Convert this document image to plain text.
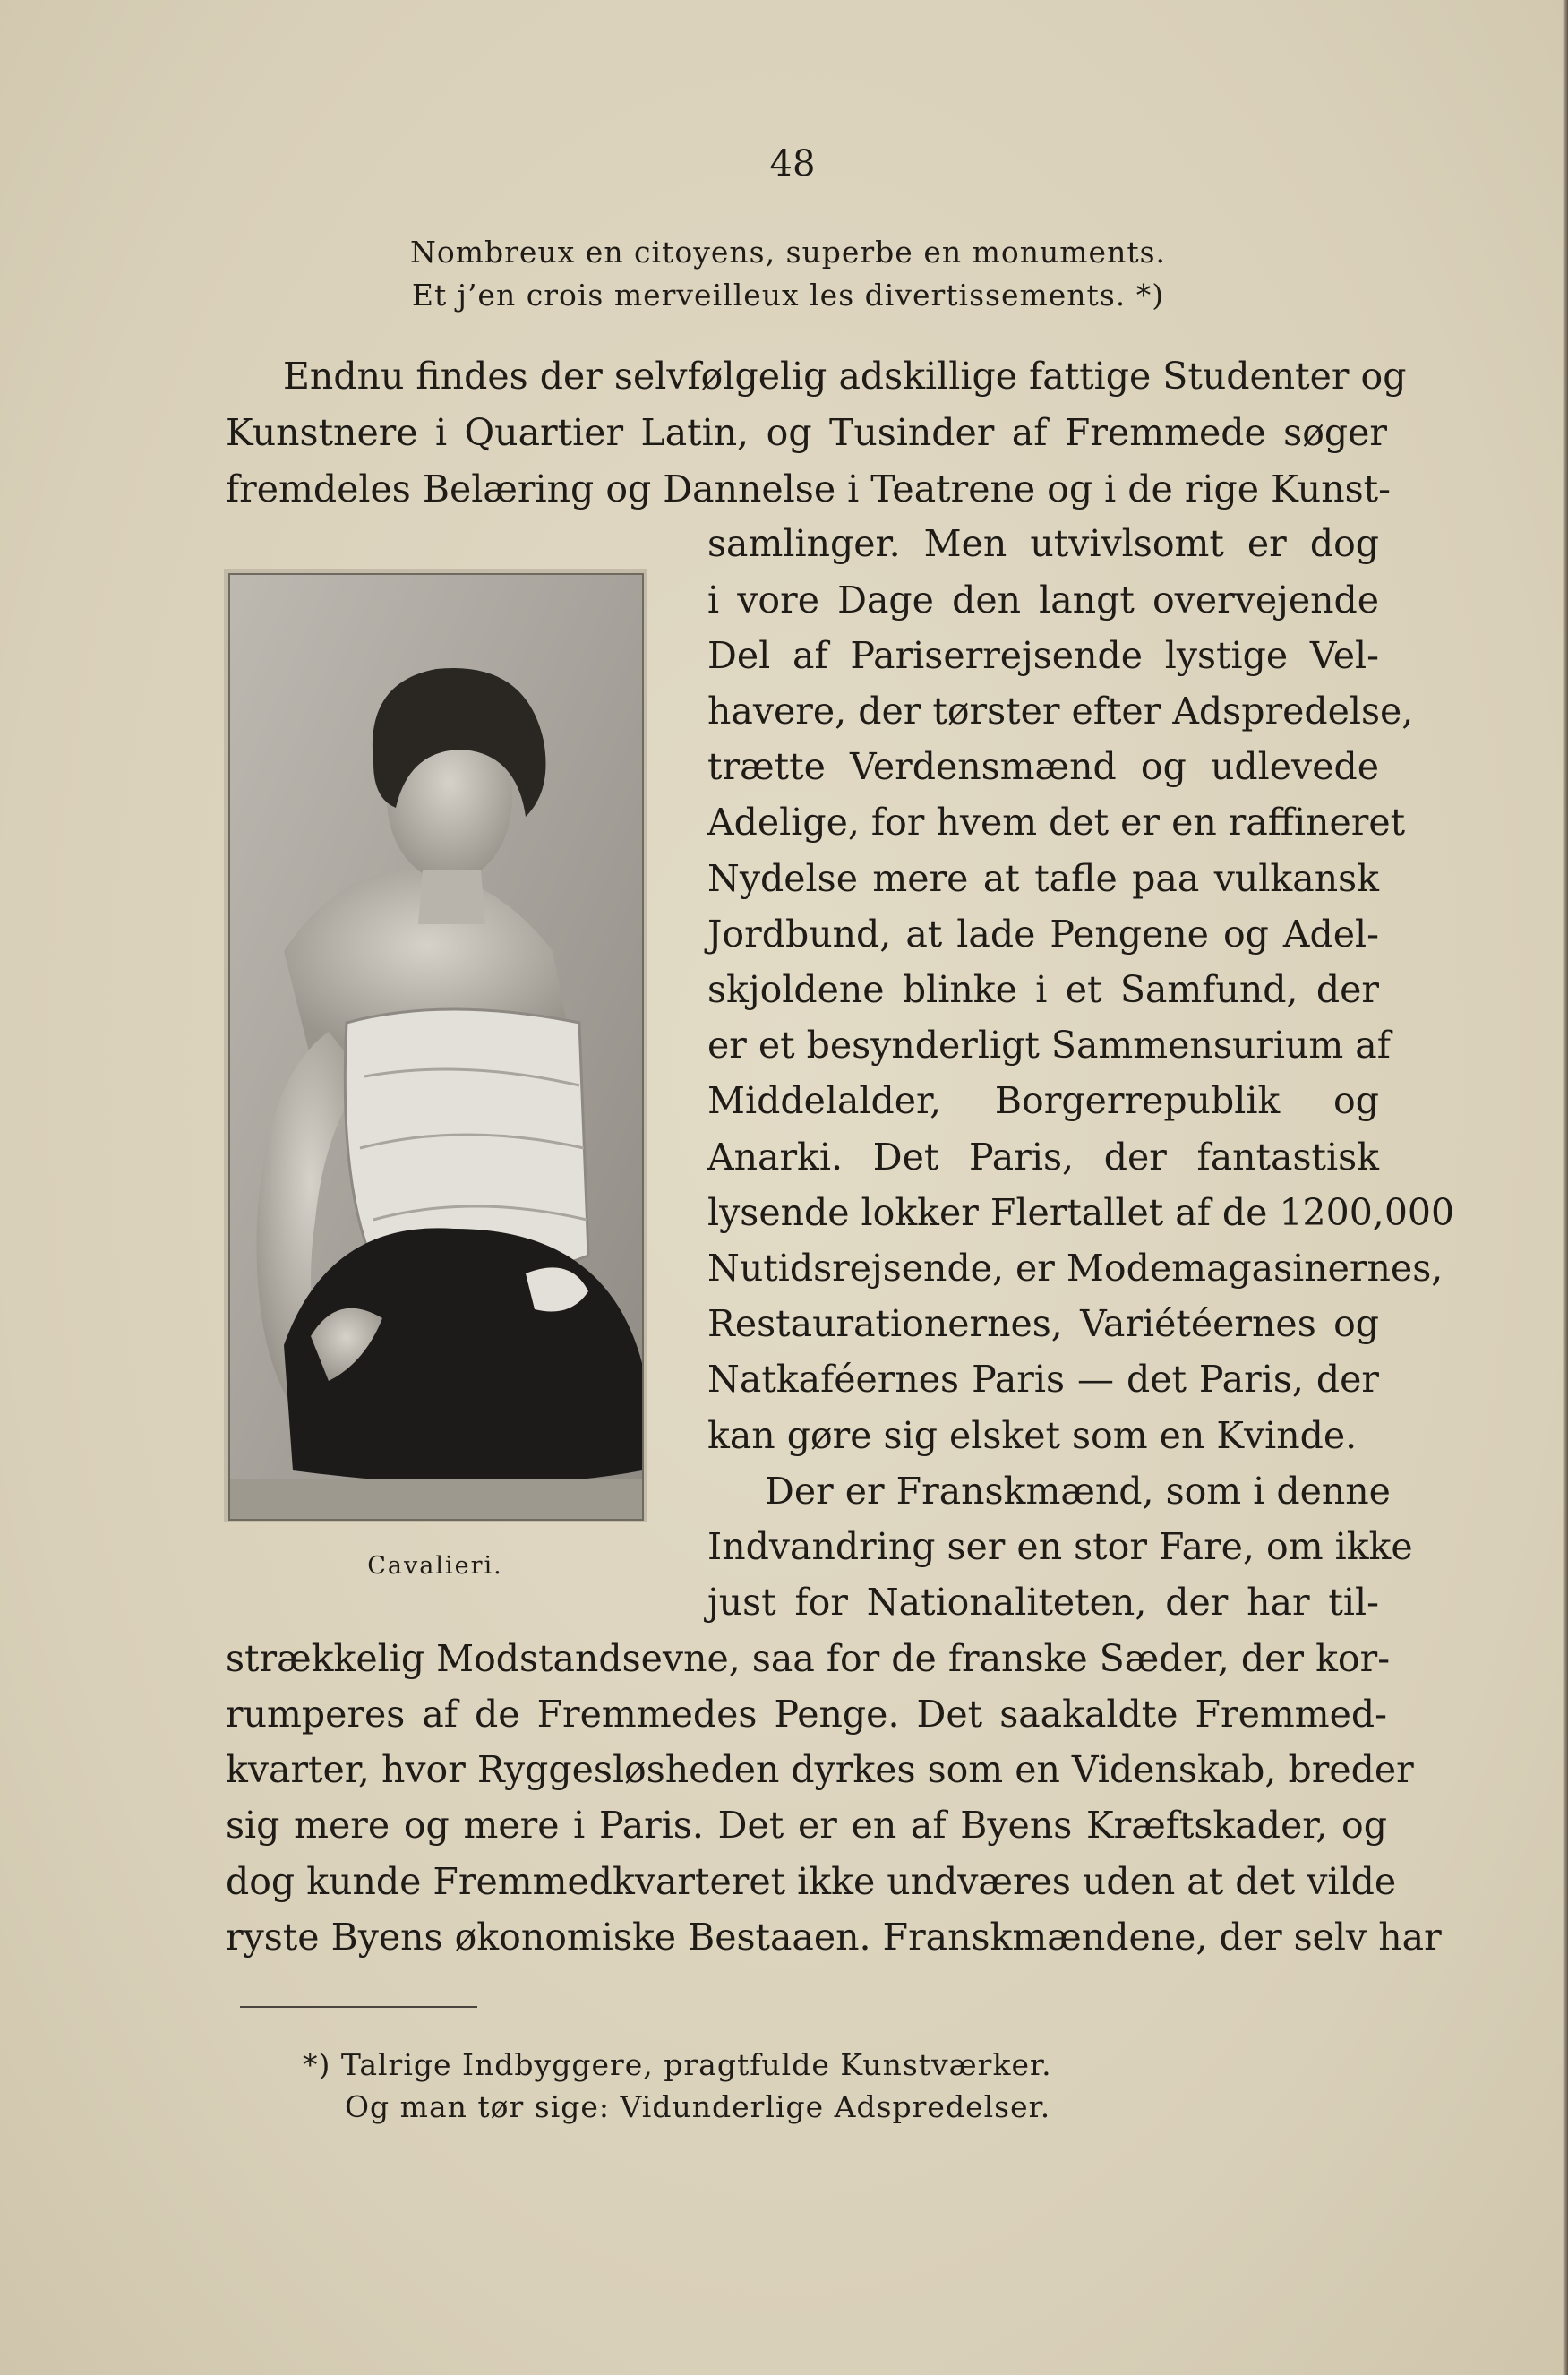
48
Nombreux en citoyens, superbe en monuments.
Et j’en crois merveilleux les divertissements. *)
Endnu findes der selvfølgelig adskillige fattige Studenter og
Kunstnere i Quartier Latin, og Tusinder af Fremmede søger
fremdeles Belæring og Dannelse i Teatrene og i de rige Kunst-
samlinger. Men utvivlsomt er dog
i vore Dage den langt overvejende
Del af Pariserrejsende lystige Vel-
havere, der tørster efter Adspredelse,
trætte Verdensmænd og udlevede
Adelige, for hvem det er en raffineret
Nydelse mere at tafle paa vulkansk
Jordbund, at lade Pengene og Adel-
skjoldene blinke i et Samfund, der
er et besynderligt Sammensurium af
Middelalder, Borgerrepublik og
Anarki. Det Paris, der fantastisk
lysende lokker Flertallet af de 1200,000
Nutidsrejsende, er Modemagasinernes,
Restaurationernes, Variétéernes og
Natkaféernes Paris — det Paris, der
kan gøre sig elsket som en Kvinde.
Der er Franskmænd, som i denne
Indvandring ser en stor Fare, om ikke
just for Nationaliteten, der har til-
strækkelig Modstandsevne, saa for de franske Sæder, der kor-
rumperes af de Fremmedes Penge. Det saakaldte Fremmed-
kvarter, hvor Ryggesløsheden dyrkes som en Videnskab, breder
sig mere og mere i Paris. Det er en af Byens Kræftskader, og
dog kunde Fremmedkvarteret ikke undværes uden at det vilde
ryste Byens økonomiske Bestaaen. Franskmændene, der selv har
Cavalieri.
*) Talrige Indbyggere, pragtfulde Kunstværker.
Og man tør sige: Vidunderlige Adspredelser.
